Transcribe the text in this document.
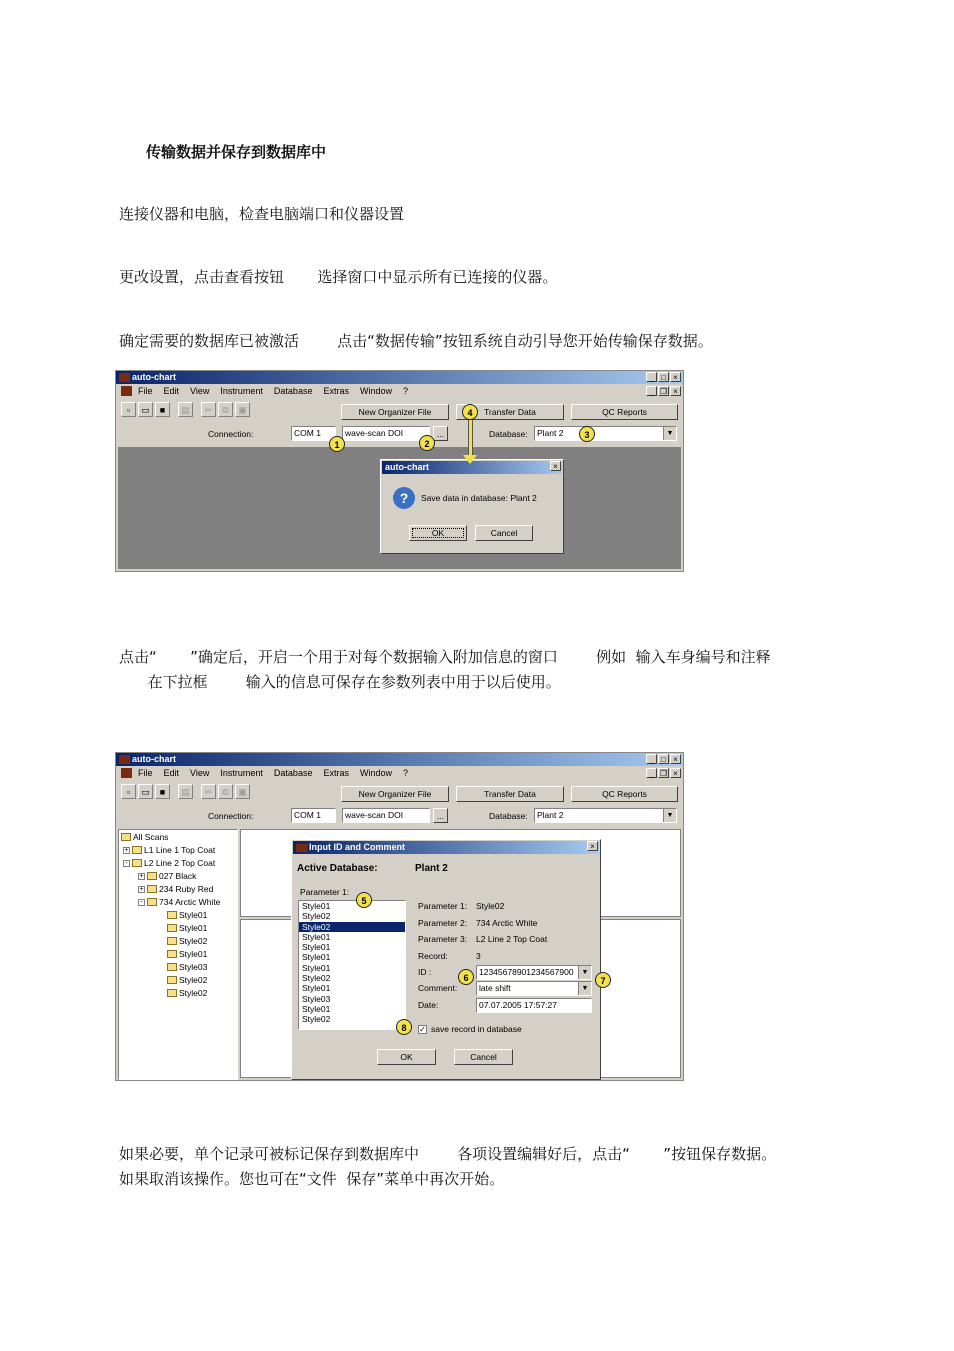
传输数据并保存到数据库中
连接仪器和电脑，检查电脑端口和仪器设置
更改设置，点击查看按钮       选择窗口中显示所有已连接的仪器。
确定需要的数据库已被激活        点击“数据传输”按钮系统自动引导您开始传输保存数据。
auto-chart	_ □ ×
File Edit View Instrument Database Extras Window ?	_ ❐ ×
▫	▭	■	▤	✂	⧉	▣	New Organizer File	Transfer Data	QC Reports
Connection:	COM 1	wave-scan DOI	...	Database:	Plant 2	▼
auto-chart	×
?	Save data in database: Plant 2
OK	Cancel
1	2
3
4
点击“       ”确定后，开启一个用于对每个数据输入附加信息的窗口        例如  输入车身编号和注释
在下拉框        输入的信息可保存在参数列表中用于以后使用。
auto-chart	_ □ ×
File Edit View Instrument Database Extras Window ?	_ ❐ ×
▫	▭	■	▤	✂	⧉	▣	New Organizer File	Transfer Data	QC Reports
Connection:	COM 1	wave-scan DOI	...	Database:	Plant 2	▼
All Scans
+ L1 Line 1 Top Coat
- L2 Line 2 Top Coat
+ 027 Black
+ 234 Ruby Red
- 734 Arctic White
Style01
Style01
Style02
Style01
Style03
Style02
Style02
Input ID and Comment	×
Active Database:	Plant 2
Parameter 1:
Style01
Style02
Style02
Style01
Style01
Style01
Style01
Style02
Style01
Style03
Style01
Style02
Parameter 1: Style02
Parameter 2: 734 Arctic White
Parameter 3: L2 Line 2 Top Coat
Record:	3
ID :	12345678901234567900	▼
Comment:	late shift	▼
Date:	07.07.2005 17:57:27
✓ save record in database
OK	Cancel
5
6	7
8
如果必要，单个记录可被标记保存到数据库中        各项设置编辑好后，点击“       ”按钮保存数据。
如果取消该操作。您也可在“文件  保存”菜单中再次开始。
